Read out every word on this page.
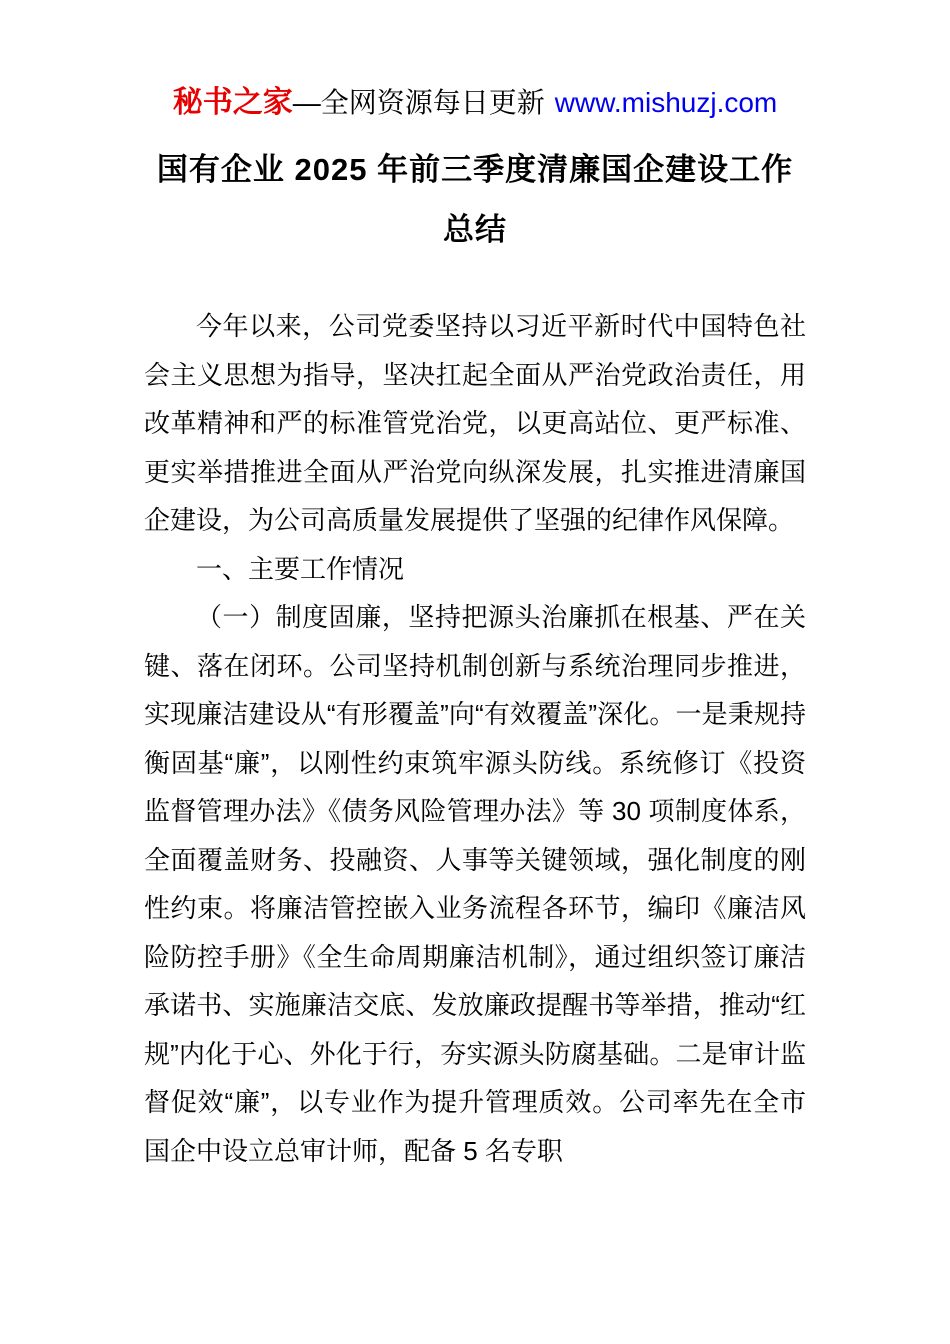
秘书之家—全网资源每日更新 www.mishuzj.com
国有企业 2025 年前三季度清廉国企建设工作总结

今年以来，公司党委坚持以习近平新时代中国特色社会主义思想为指导，坚决扛起全面从严治党政治责任，用改革精神和严的标准管党治党，以更高站位、更严标准、更实举措推进全面从严治党向纵深发展，扎实推进清廉国企建设，为公司高质量发展提供了坚强的纪律作风保障。

一、主要工作情况

（一）制度固廉，坚持把源头治廉抓在根基、严在关键、落在闭环。公司坚持机制创新与系统治理同步推进，实现廉洁建设从“有形覆盖”向“有效覆盖”深化。一是秉规持衡固基“廉”，以刚性约束筑牢源头防线。系统修订《投资监督管理办法》《债务风险管理办法》等 30 项制度体系，全面覆盖财务、投融资、人事等关键领域，强化制度的刚性约束。将廉洁管控嵌入业务流程各环节，编印《廉洁风险防控手册》《全生命周期廉洁机制》，通过组织签订廉洁承诺书、实施廉洁交底、发放廉政提醒书等举措，推动“红规”内化于心、外化于行，夯实源头防腐基础。二是审计监督促效“廉”，以专业作为提升管理质效。公司率先在全市国企中设立总审计师，配备 5 名专职
